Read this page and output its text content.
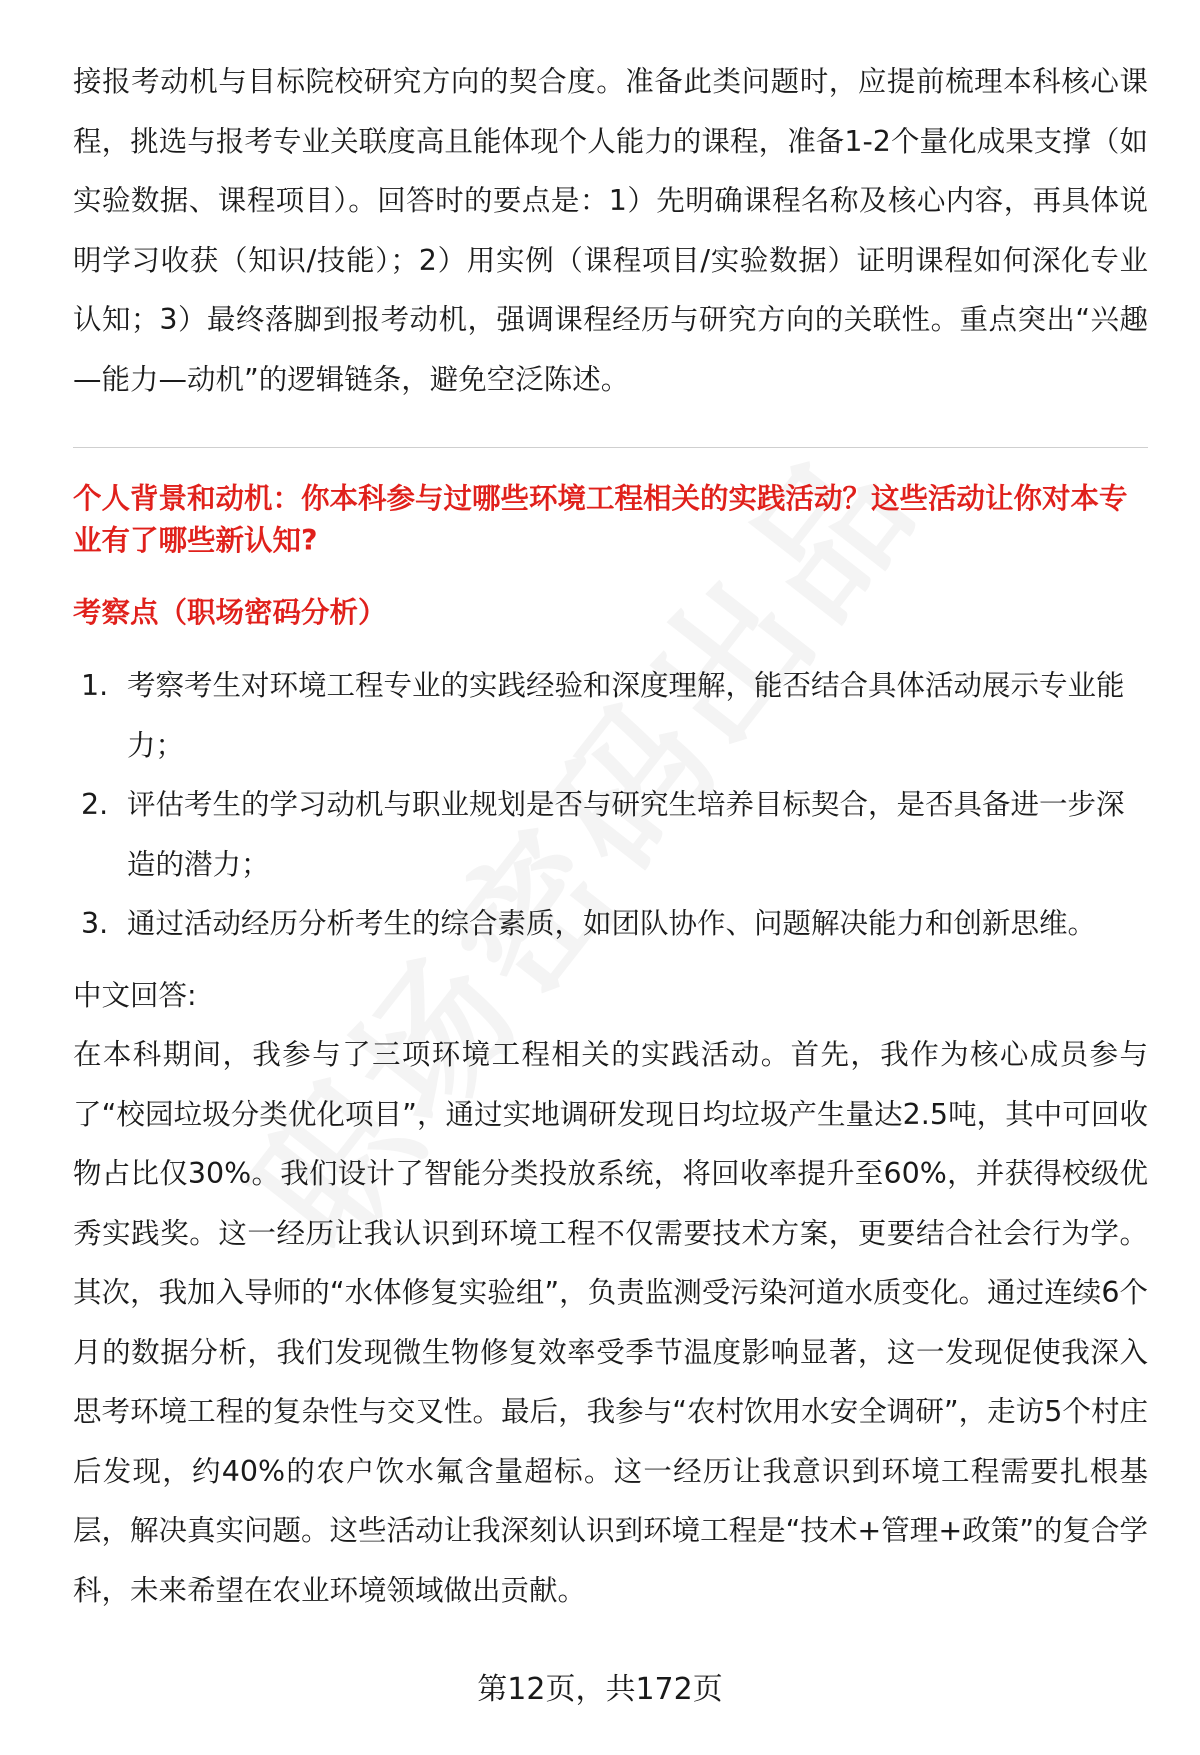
接报考动机与目标院校研究方向的契合度。准备此类问题时，应提前梳理本科核心课程，挑选与报考专业关联度高且能体现个人能力的课程，准备1-2个量化成果支撑（如实验数据、课程项目）。回答时的要点是：1）先明确课程名称及核心内容，再具体说明学习收获（知识/技能）；2）用实例（课程项目/实验数据）证明课程如何深化专业认知；3）最终落脚到报考动机，强调课程经历与研究方向的关联性。重点突出“兴趣—能力—动机”的逻辑链条，避免空泛陈述。

个人背景和动机：你本科参与过哪些环境工程相关的实践活动？这些活动让你对本专业有了哪些新认知?

考察点（职场密码分析）

1. 考察考生对环境工程专业的实践经验和深度理解，能否结合具体活动展示专业能力；
2. 评估考生的学习动机与职业规划是否与研究生培养目标契合，是否具备进一步深造的潜力；
3. 通过活动经历分析考生的综合素质，如团队协作、问题解决能力和创新思维。

中文回答:

在本科期间，我参与了三项环境工程相关的实践活动。首先，我作为核心成员参与了“校园垃圾分类优化项目”，通过实地调研发现日均垃圾产生量达2.5吨，其中可回收物占比仅30%。我们设计了智能分类投放系统，将回收率提升至60%，并获得校级优秀实践奖。这一经历让我认识到环境工程不仅需要技术方案，更要结合社会行为学。其次，我加入导师的“水体修复实验组”，负责监测受污染河道水质变化。通过连续6个月的数据分析，我们发现微生物修复效率受季节温度影响显著，这一发现促使我深入思考环境工程的复杂性与交叉性。最后，我参与“农村饮用水安全调研”，走访5个村庄后发现，约40%的农户饮水氟含量超标。这一经历让我意识到环境工程需要扎根基层，解决真实问题。这些活动让我深刻认识到环境工程是“技术+管理+政策”的复合学科，未来希望在农业环境领域做出贡献。

第12页，共172页
